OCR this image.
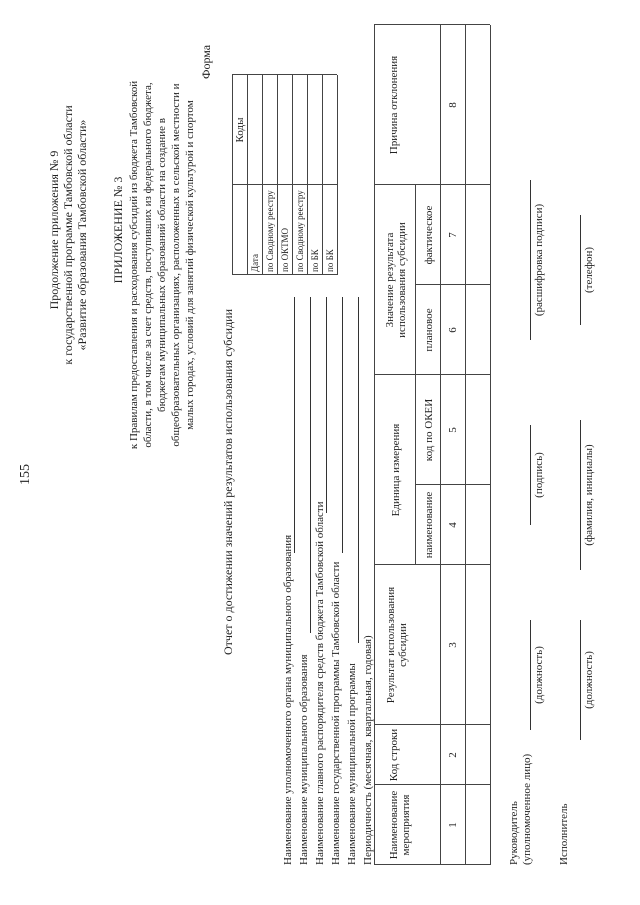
155
Продолжение приложения № 9 к государственной программе Тамбовской области «Развитие образования Тамбовской области» ПРИЛОЖЕНИЕ № 3 к Правилам предоставления и расходования субсидий из бюджета Тамбовской области, в том числе за счет средств, поступивших из федерального бюджета, бюджетам муниципальных образований области на создание в общеобразовательных организациях, расположенных в сельской местности и малых городах, условий для занятий физической культурой и спортом
Форма
Отчет о достижении значений результатов использования субсидии
Коды
Дата по Сводному реестру по ОКТМО по Сводному реестру по БК по БК
Наименование уполномоченного органа муниципального образования Наименование муниципального образования Наименование главного распорядителя средств бюджета Тамбовской области Наименование государственной программы Тамбовской области Наименование муниципальной программы Периодичность (месячная, квартальная, годовая) Наименование мероприятия
Код строки
Результат использования субсидии
Единица измерения
наименование
код по ОКЕИ
Значение результата использования субсидии плановое
фактическое
Причина отклонения
1
2
3
4
5
6
7
8
Руководитель (уполномоченное лицо)
(должность)
(подпись)
(расшифровка подписи)
Исполнитель
(должность)
(фамилия, инициалы)
(телефон)
